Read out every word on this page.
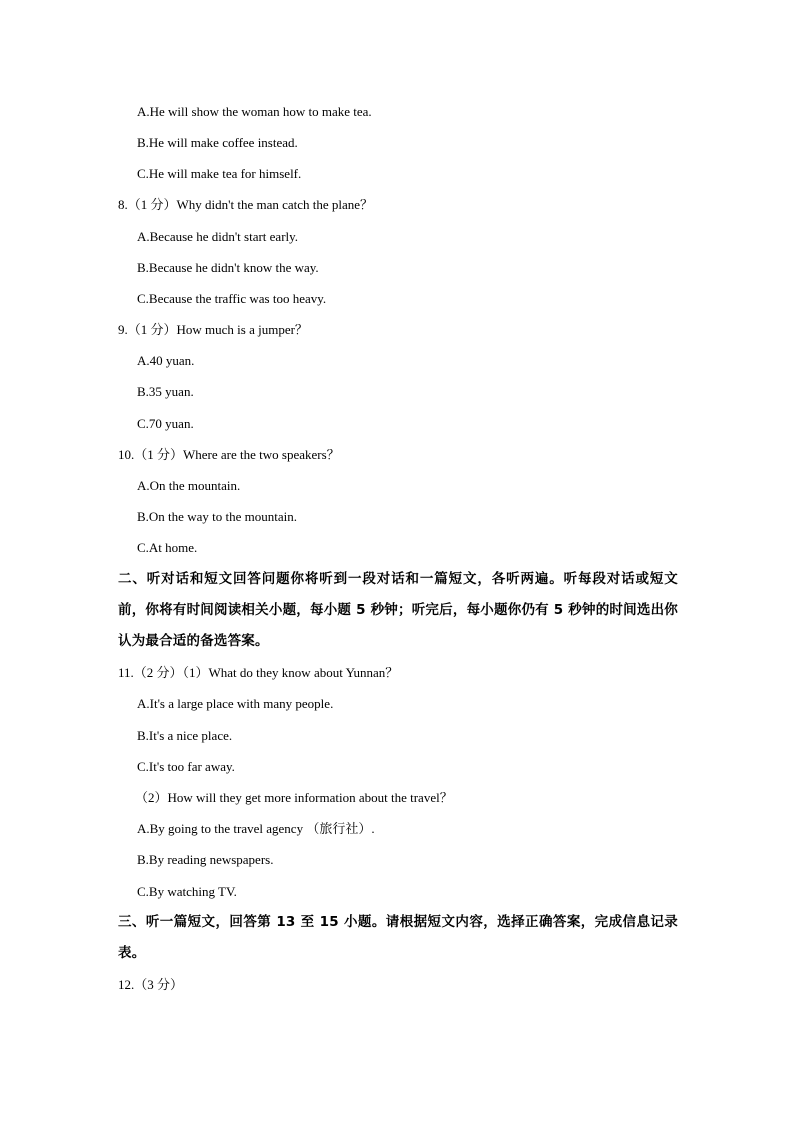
A.He will show the woman how to make tea.
B.He will make coffee instead.
C.He will make tea for himself.
8.（1 分）Why didn't the man catch the plane？
A.Because he didn't start early.
B.Because he didn't know the way.
C.Because the traffic was too heavy.
9.（1 分）How much is a jumper？
A.40 yuan.
B.35 yuan.
C.70 yuan.
10.（1 分）Where are the two speakers？
A.On the mountain.
B.On the way to the mountain.
C.At home.
二、听对话和短文回答问题你将听到一段对话和一篇短文，各听两遍。听每段对话或短文前，你将有时间阅读相关小题，每小题 5 秒钟；听完后，每小题你仍有 5 秒钟的时间选出你认为最合适的备选答案。
11.（2 分）（1）What do they know about Yunnan？
A.It's a large place with many people.
B.It's a nice place.
C.It's too far away.
（2）How will they get more information about the travel？
A.By going to the travel agency （旅行社）.
B.By reading newspapers.
C.By watching TV.
三、听一篇短文，回答第 13 至 15 小题。请根据短文内容，选择正确答案，完成信息记录表。
12.（3 分）
